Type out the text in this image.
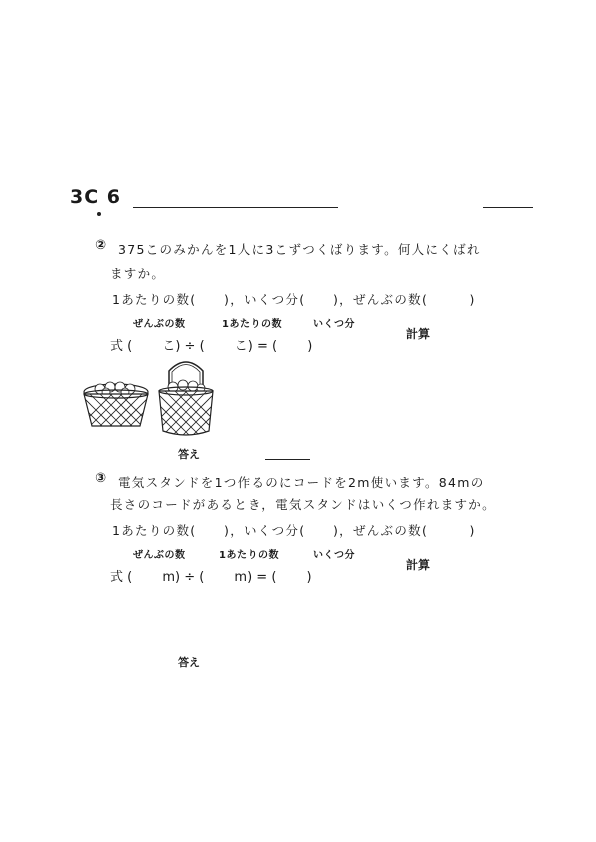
3C 6
② 375このみかんを1人に3こずつくばります。何人にくばれ
ますか。
1あたりの数(　　)，いくつ分(　　)，ぜんぶの数(　　　)
ぜんぶの数	1あたりの数	いくつ分
計算
式 (　　 こ) ÷ (　　 こ) = (　　 )
答え
③ 電気スタンドを1つ作るのにコードを2m使います。84mの
長さのコードがあるとき，電気スタンドはいくつ作れますか。
1あたりの数(　　)，いくつ分(　　)，ぜんぶの数(　　　)
ぜんぶの数	1あたりの数	いくつ分
計算
式 (　　 m) ÷ (　　 m) = (　　 )
答え
